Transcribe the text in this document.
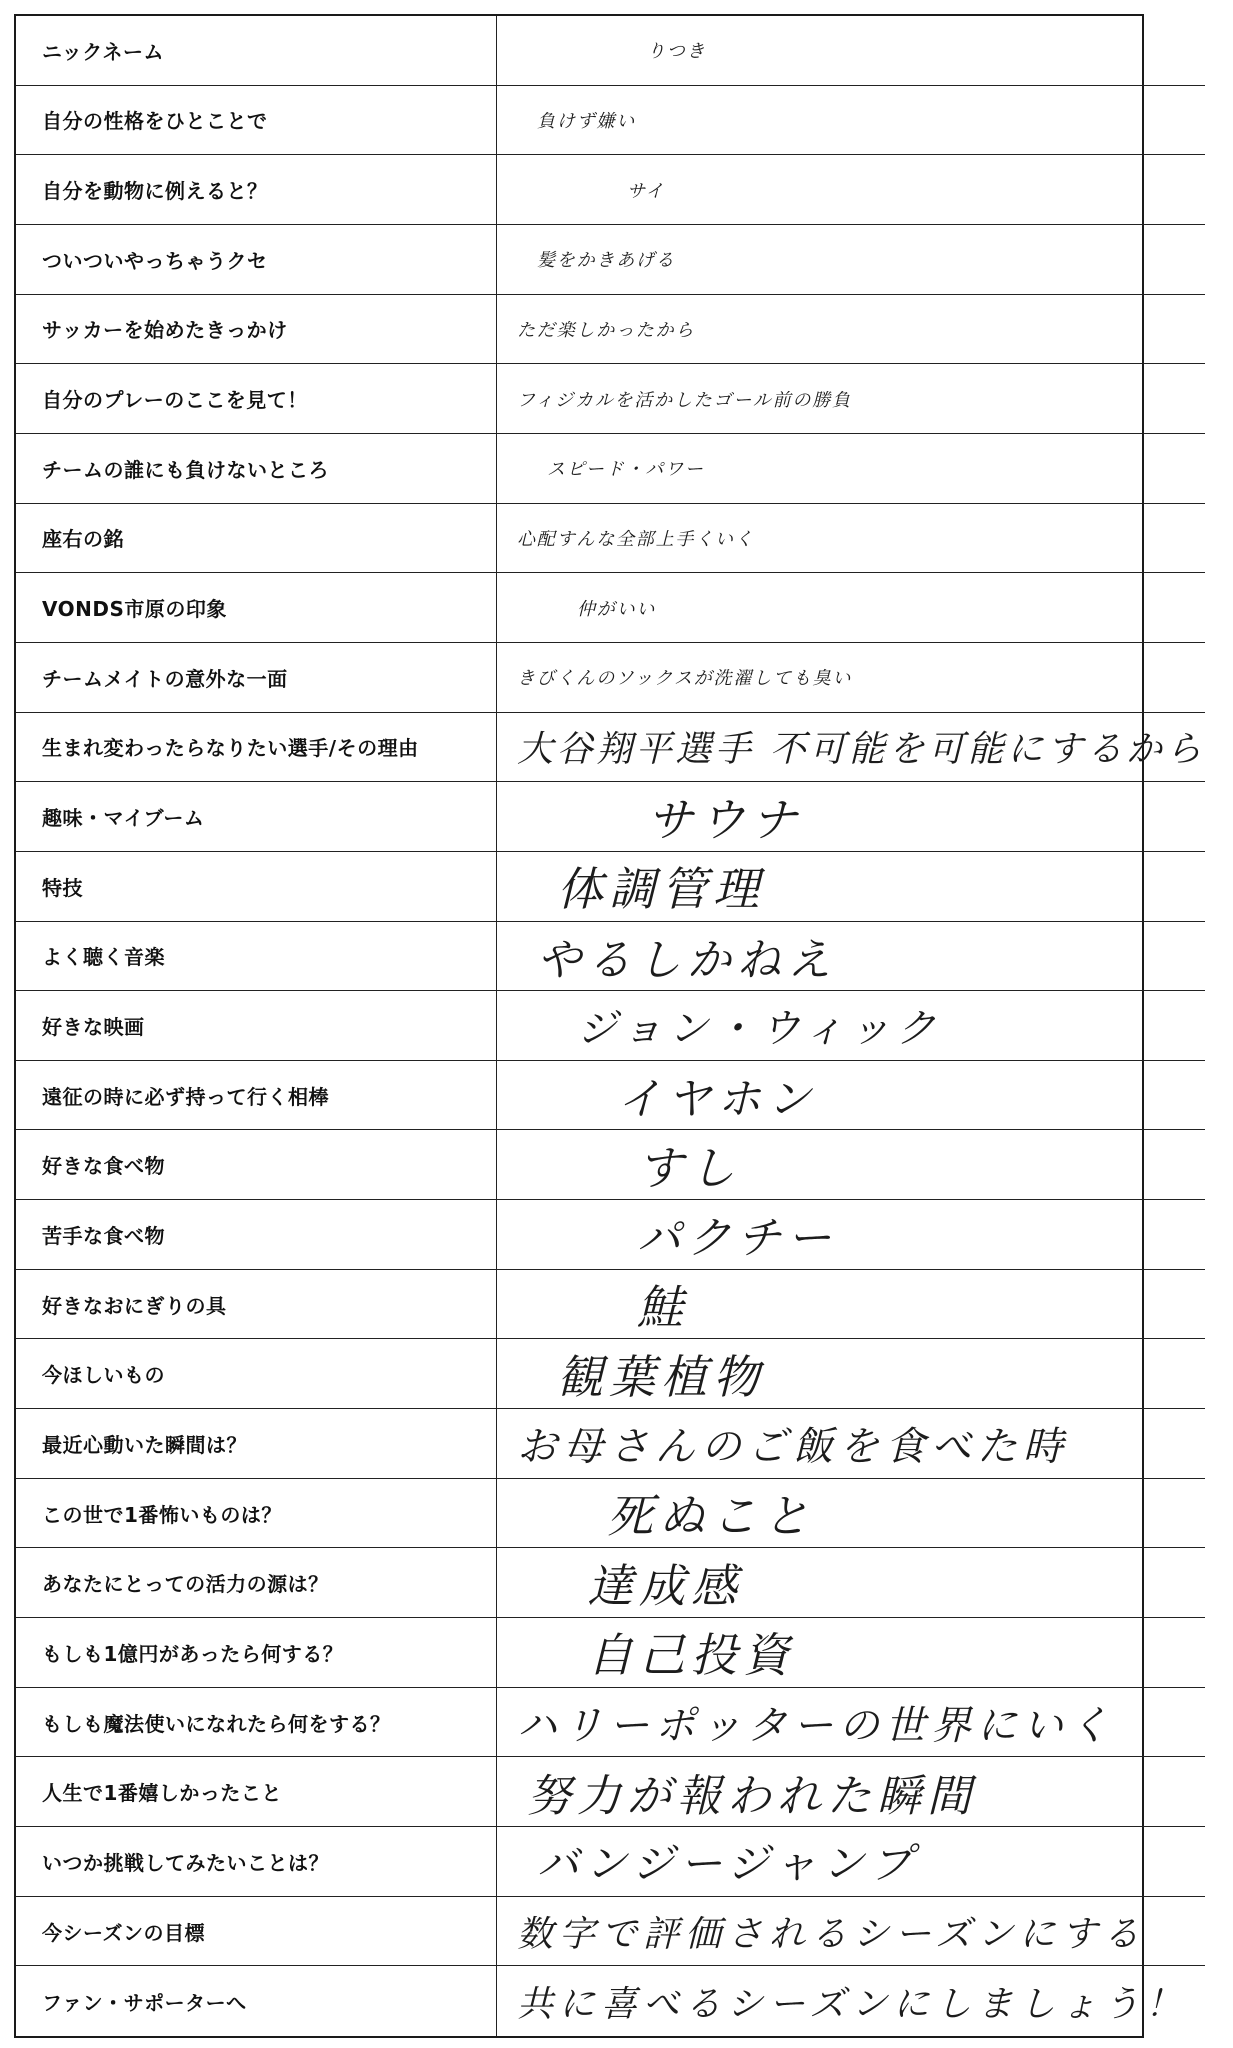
ニックネーム	りつき
自分の性格をひとことで	負けず嫌い
自分を動物に例えると？	サイ
ついついやっちゃうクセ	髪をかきあげる
サッカーを始めたきっかけ	ただ楽しかったから
自分のプレーのここを見て！	フィジカルを活かしたゴール前の勝負
チームの誰にも負けないところ	スピード・パワー
座右の銘	心配すんな全部上手くいく
VONDS市原の印象	仲がいい
チームメイトの意外な一面	きびくんのソックスが洗濯しても臭い
生まれ変わったらなりたい選手/その理由	大谷翔平選手 不可能を可能にするから
趣味・マイブーム	サウナ
特技	体調管理
よく聴く音楽	やるしかねえ
好きな映画	ジョン・ウィック
遠征の時に必ず持って行く相棒	イヤホン
好きな食べ物	すし
苦手な食べ物	パクチー
好きなおにぎりの具	鮭
今ほしいもの	観葉植物
最近心動いた瞬間は？	お母さんのご飯を食べた時
この世で1番怖いものは？	死ぬこと
あなたにとっての活力の源は？	達成感
もしも1億円があったら何する？	自己投資
もしも魔法使いになれたら何をする？	ハリーポッターの世界にいく
人生で1番嬉しかったこと	努力が報われた瞬間
いつか挑戦してみたいことは？	バンジージャンプ
今シーズンの目標	数字で評価されるシーズンにする
ファン・サポーターへ	共に喜べるシーズンにしましょう！
